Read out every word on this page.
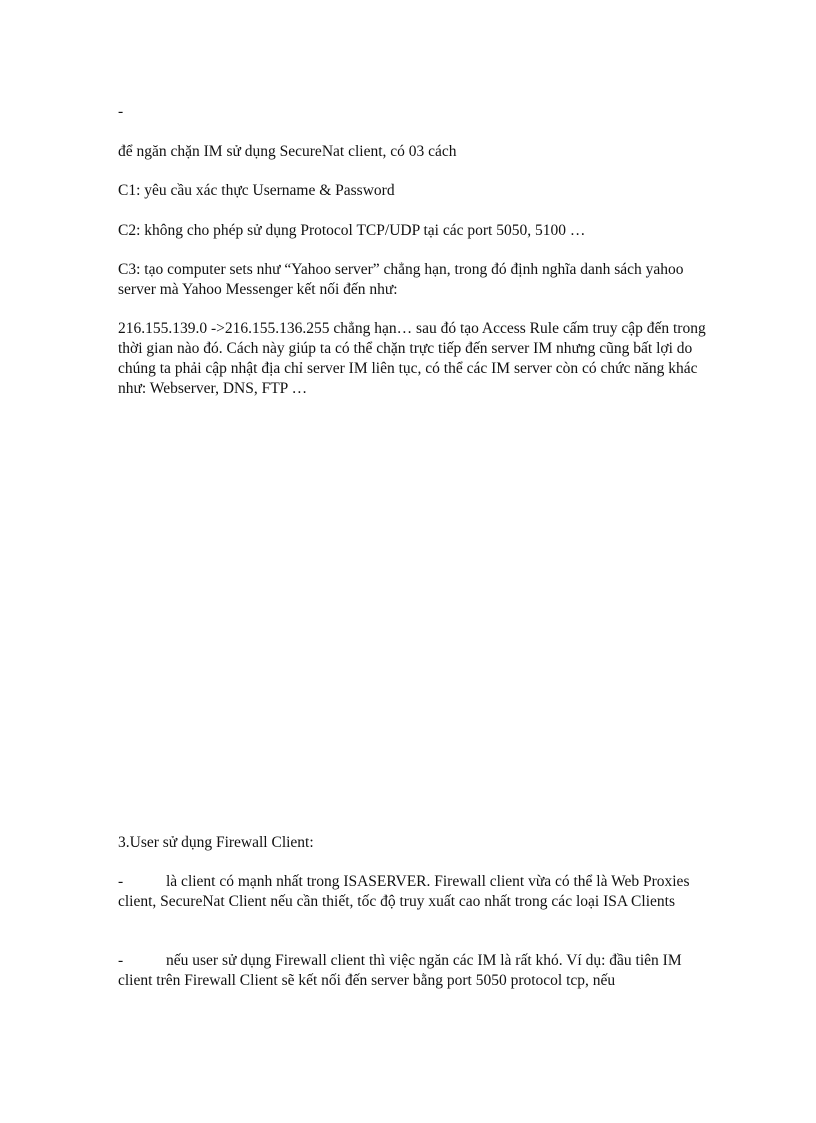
-

để ngăn chặn IM sử dụng SecureNat client, có 03 cách

C1: yêu cầu xác thực Username & Password

C2: không cho phép sử dụng Protocol TCP/UDP tại các port 5050, 5100 …

C3: tạo computer sets như “Yahoo server” chẳng hạn, trong đó định nghĩa danh sách yahoo server mà Yahoo Messenger kết nối đến như:

216.155.139.0 ->216.155.136.255 chẳng hạn… sau đó tạo Access Rule cấm truy cập đến trong thời gian nào đó. Cách này giúp ta có thể chặn trực tiếp đến server IM nhưng cũng bất lợi do chúng ta phải cập nhật địa chỉ server IM liên tục, có thể các IM server còn có chức năng khác như: Webserver, DNS, FTP …

3.User sử dụng Firewall Client:

-	là client có mạnh nhất trong ISASERVER. Firewall client vừa có thể là Web Proxies client, SecureNat Client nếu cần thiết, tốc độ truy xuất cao nhất trong các loại ISA Clients
-	nếu user sử dụng Firewall client thì việc ngăn các IM là rất khó. Ví dụ: đầu tiên IM client trên Firewall Client sẽ kết nối đến server bằng port 5050 protocol tcp, nếu
